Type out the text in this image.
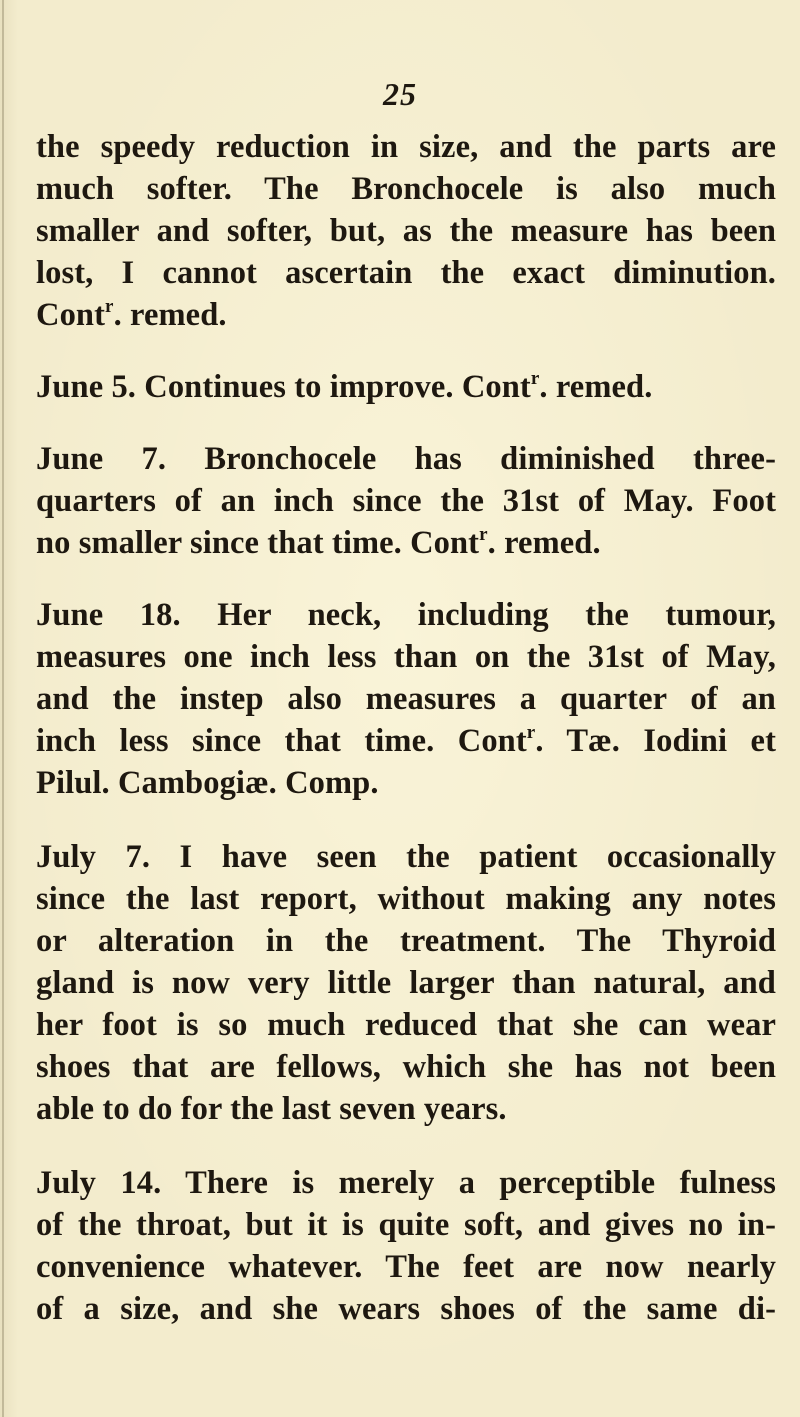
25
the speedy reduction in size, and the parts are
much softer. The Bronchocele is also much
smaller and softer, but, as the measure has been
lost, I cannot ascertain the exact diminution.
Cont$^r$. remed.
June 5. Continues to improve. Cont$^r$. remed.
June 7. Bronchocele has diminished three-
quarters of an inch since the 31st of May. Foot
no smaller since that time. Cont$^r$. remed.
June 18. Her neck, including the tumour,
measures one inch less than on the 31st of May,
and the instep also measures a quarter of an
inch less since that time. Cont$^r$. Tæ. Iodini et
Pilul. Cambogiæ. Comp.
July 7. I have seen the patient occasionally
since the last report, without making any notes
or alteration in the treatment. The Thyroid
gland is now very little larger than natural, and
her foot is so much reduced that she can wear
shoes that are fellows, which she has not been
able to do for the last seven years.
July 14. There is merely a perceptible fulness
of the throat, but it is quite soft, and gives no in-
convenience whatever. The feet are now nearly
of a size, and she wears shoes of the same di-
